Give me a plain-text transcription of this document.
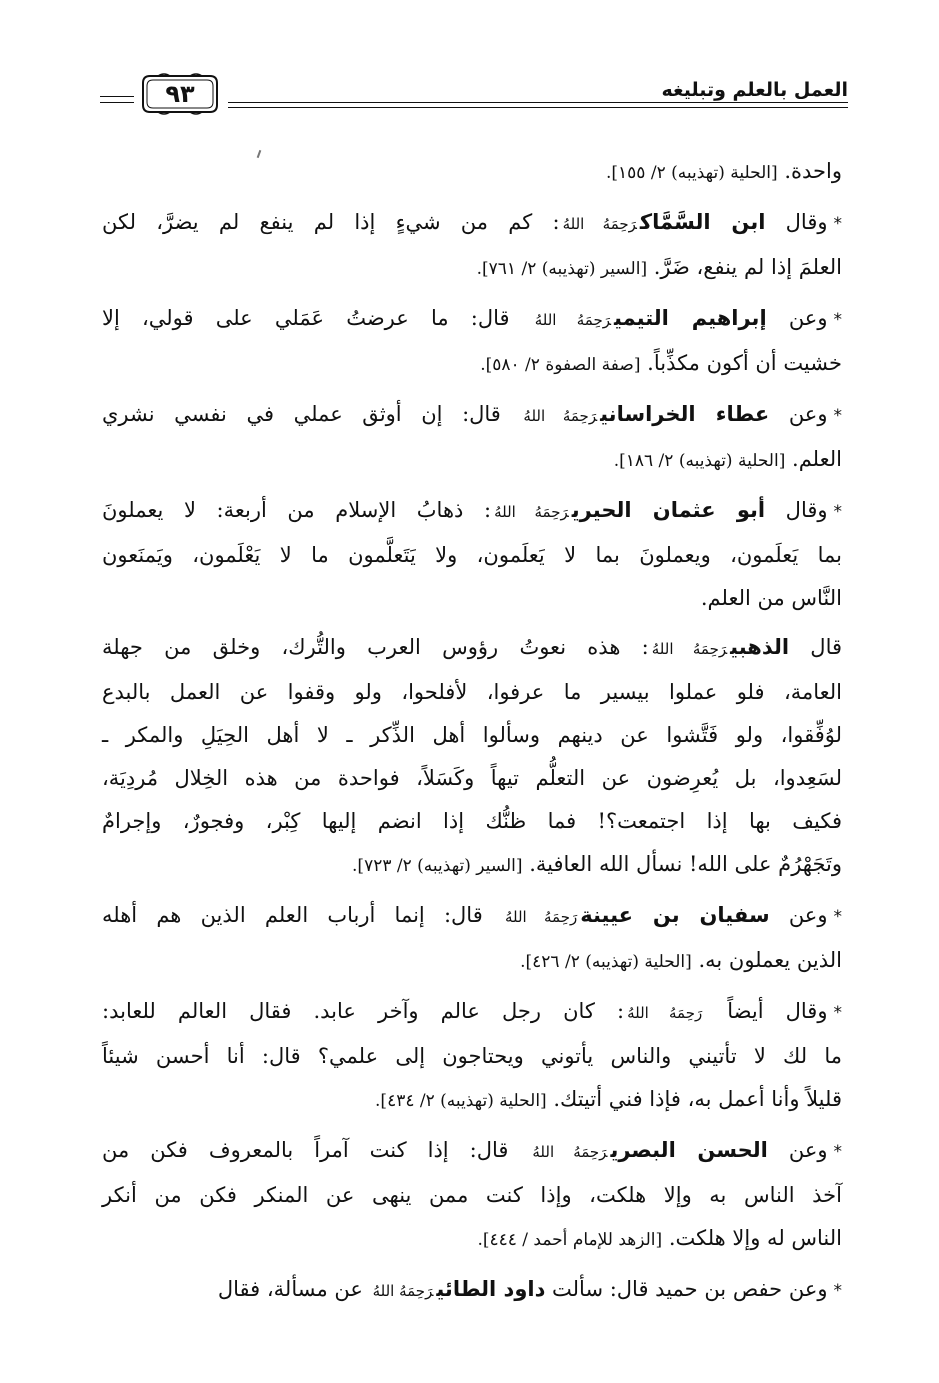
العمل بالعلم وتبليغه
٩٣
واحدة. [الحلية (تهذيبه) ٢/ ١٥٥].
*وقال ابن السَّمَّاكرَحِمَهُ اللهُ: كم من شيءٍ إذا لم ينفع لم يضرَّ، لكن
العلمَ إذا لم ينفع، ضَرَّ. [السير (تهذيبه) ٢/ ٧٦١].
*وعن إبراهيم التيميرَحِمَهُ اللهُ قال: ما عرضتُ عَمَلي على قولي، إلا
خشيت أن أكون مكذِّباً. [صفة الصفوة ٢/ ٥٨٠].
*وعن عطاء الخراسانيرَحِمَهُ اللهُ قال: إن أوثق عملي في نفسي نشري
العلم. [الحلية (تهذيبه) ٢/ ١٨٦].
*وقال أبو عثمان الحيريرَحِمَهُ اللهُ: ذهابُ الإسلام من أربعة: لا يعملونَ
بما يَعلَمون، ويعملونَ بما لا يَعلَمون، ولا يَتَعلَّمون ما لا يَعْلَمون، ويَمنَعون
النَّاس من العلم.
قال الذهبيرَحِمَهُ اللهُ: هذه نعوتُ رؤوس العرب والتُّرك، وخلق من جهلة
العامة، فلو عملوا بيسير ما عرفوا، لأفلحوا، ولو وقفوا عن العمل بالبدع
لوُفِّقوا، ولو فَتَّشوا عن دينهم وسألوا أهل الذِّكر ـ لا أهل الحِيَلِ والمكر ـ
لسَعِدوا، بل يُعرِضون عن التعلُّم تيهاً وكَسَلاً، فواحدة من هذه الخِلال مُردِيَة،
فكيف بها إذا اجتمعت؟! فما ظنُّك إذا انضم إليها كِبْر، وفجورٌ، وإجرامٌ
وتَجَهْرُمٌ على الله! نسأل الله العافية. [السير (تهذيبه) ٢/ ٧٢٣].
*وعن سفيان بن عيينةرَحِمَهُ اللهُ قال: إنما أرباب العلم الذين هم أهله
الذين يعملون به. [الحلية (تهذيبه) ٢/ ٤٢٦].
*وقال أيضاً رَحِمَهُ اللهُ: كان رجل عالم وآخر عابد. فقال العالم للعابد:
ما لك لا تأتيني والناس يأتوني ويحتاجون إلى علمي؟ قال: أنا أحسن شيئاً
قليلاً وأنا أعمل به، فإذا فني أتيتك. [الحلية (تهذيبه) ٢/ ٤٣٤].
*وعن الحسن البصريرَحِمَهُ اللهُ قال: إذا كنت آمراً بالمعروف فكن من
آخذ الناس به وإلا هلكت، وإذا كنت ممن ينهى عن المنكر فكن من أنكر
الناس له وإلا هلكت. [الزهد للإمام أحمد / ٤٤٤].
*وعن حفص بن حميد قال: سألت داود الطائيرَحِمَهُ اللهُ عن مسألة، فقال
